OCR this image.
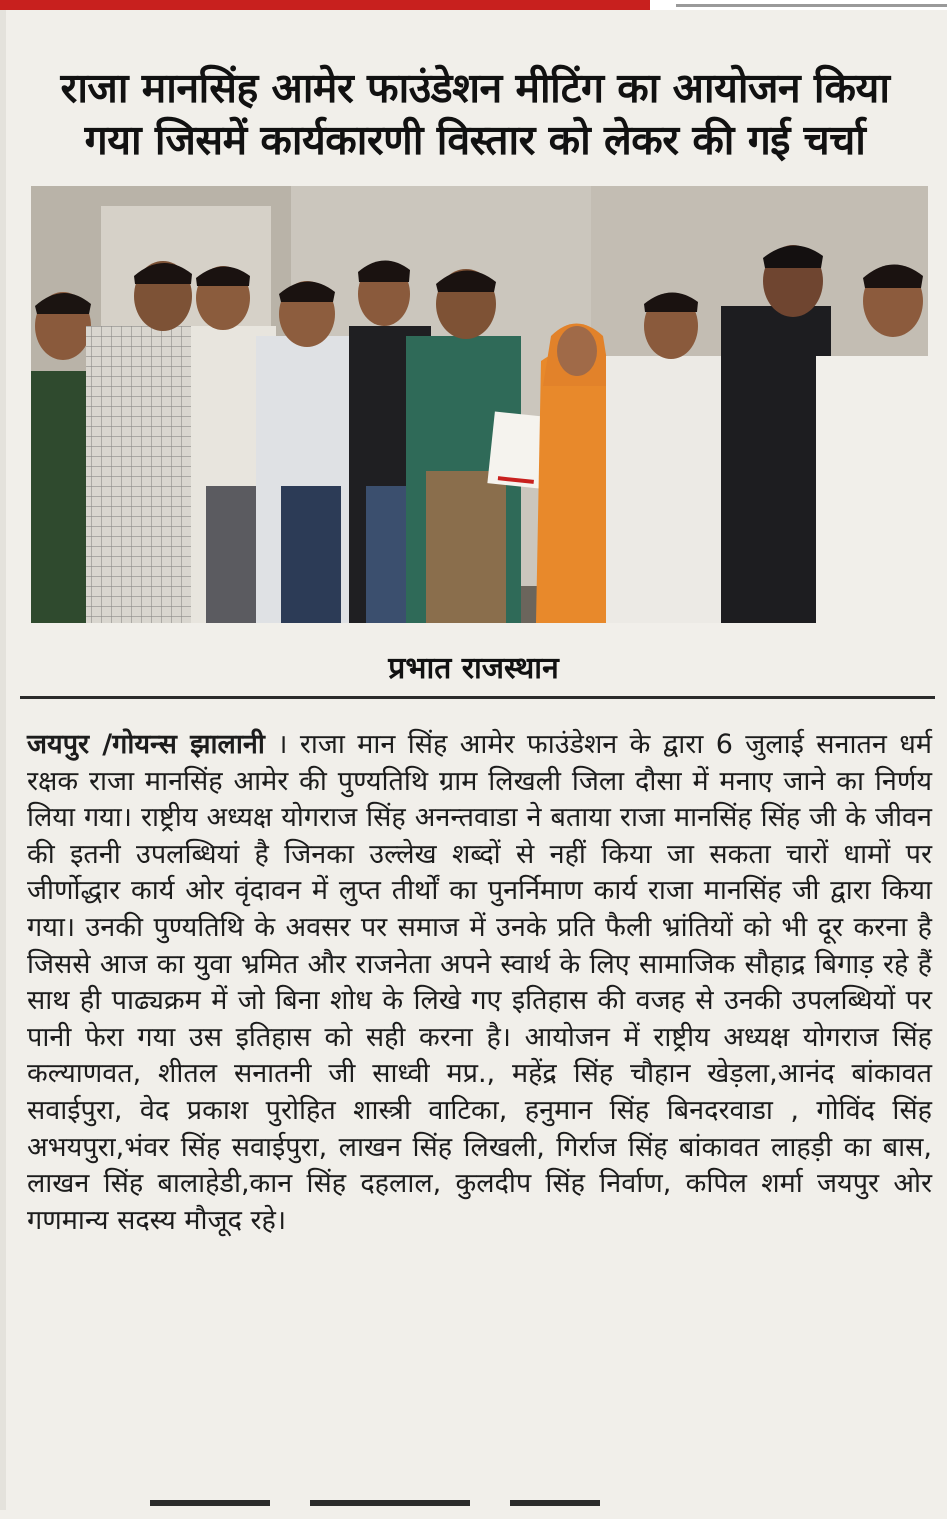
राजा मानसिंह आमेर फाउंडेशन मीटिंग का आयोजन किया
गया जिसमें कार्यकारणी विस्तार को लेकर की गई चर्चा
प्रभात राजस्थान
जयपुर /गोयन्स झालानी । राजा मान सिंह आमेर फाउंडेशन के द्वारा 6 जुलाई सनातन धर्म रक्षक राजा मानसिंह आमेर की पुण्यतिथि ग्राम लिखली जिला दौसा में मनाए जाने का निर्णय लिया गया। राष्ट्रीय अध्यक्ष योगराज सिंह अनन्तवाडा ने बताया राजा मानसिंह सिंह जी के जीवन की इतनी उपलब्धियां है जिनका उल्लेख शब्दों से नहीं किया जा सकता चारों धामों पर जीर्णोद्धार कार्य ओर वृंदावन में लुप्त तीर्थों का पुनर्निमाण कार्य राजा मानसिंह जी द्वारा किया गया। उनकी पुण्यतिथि के अवसर पर समाज में उनके प्रति फैली भ्रांतियों को भी दूर करना है जिससे आज का युवा भ्रमित और राजनेता अपने स्वार्थ के लिए सामाजिक सौहाद्र बिगाड़ रहे हैं साथ ही पाढ्यक्रम में जो बिना शोध के लिखे गए इतिहास की वजह से उनकी उपलब्धियों पर पानी फेरा गया उस इतिहास को सही करना है। आयोजन में राष्ट्रीय अध्यक्ष योगराज सिंह कल्याणवत, शीतल सनातनी जी साध्वी मप्र., महेंद्र सिंह चौहान खेड़ला,आनंद बांकावत सवाईपुरा, वेद प्रकाश पुरोहित शास्त्री वाटिका, हनुमान सिंह बिनदरवाडा , गोविंद सिंह अभयपुरा,भंवर सिंह सवाईपुरा, लाखन सिंह लिखली, गिर्राज सिंह बांकावत लाहड़ी का बास, लाखन सिंह बालाहेडी,कान सिंह दहलाल, कुलदीप सिंह निर्वाण, कपिल शर्मा जयपुर ओर गणमान्य सदस्य मौजूद रहे।
